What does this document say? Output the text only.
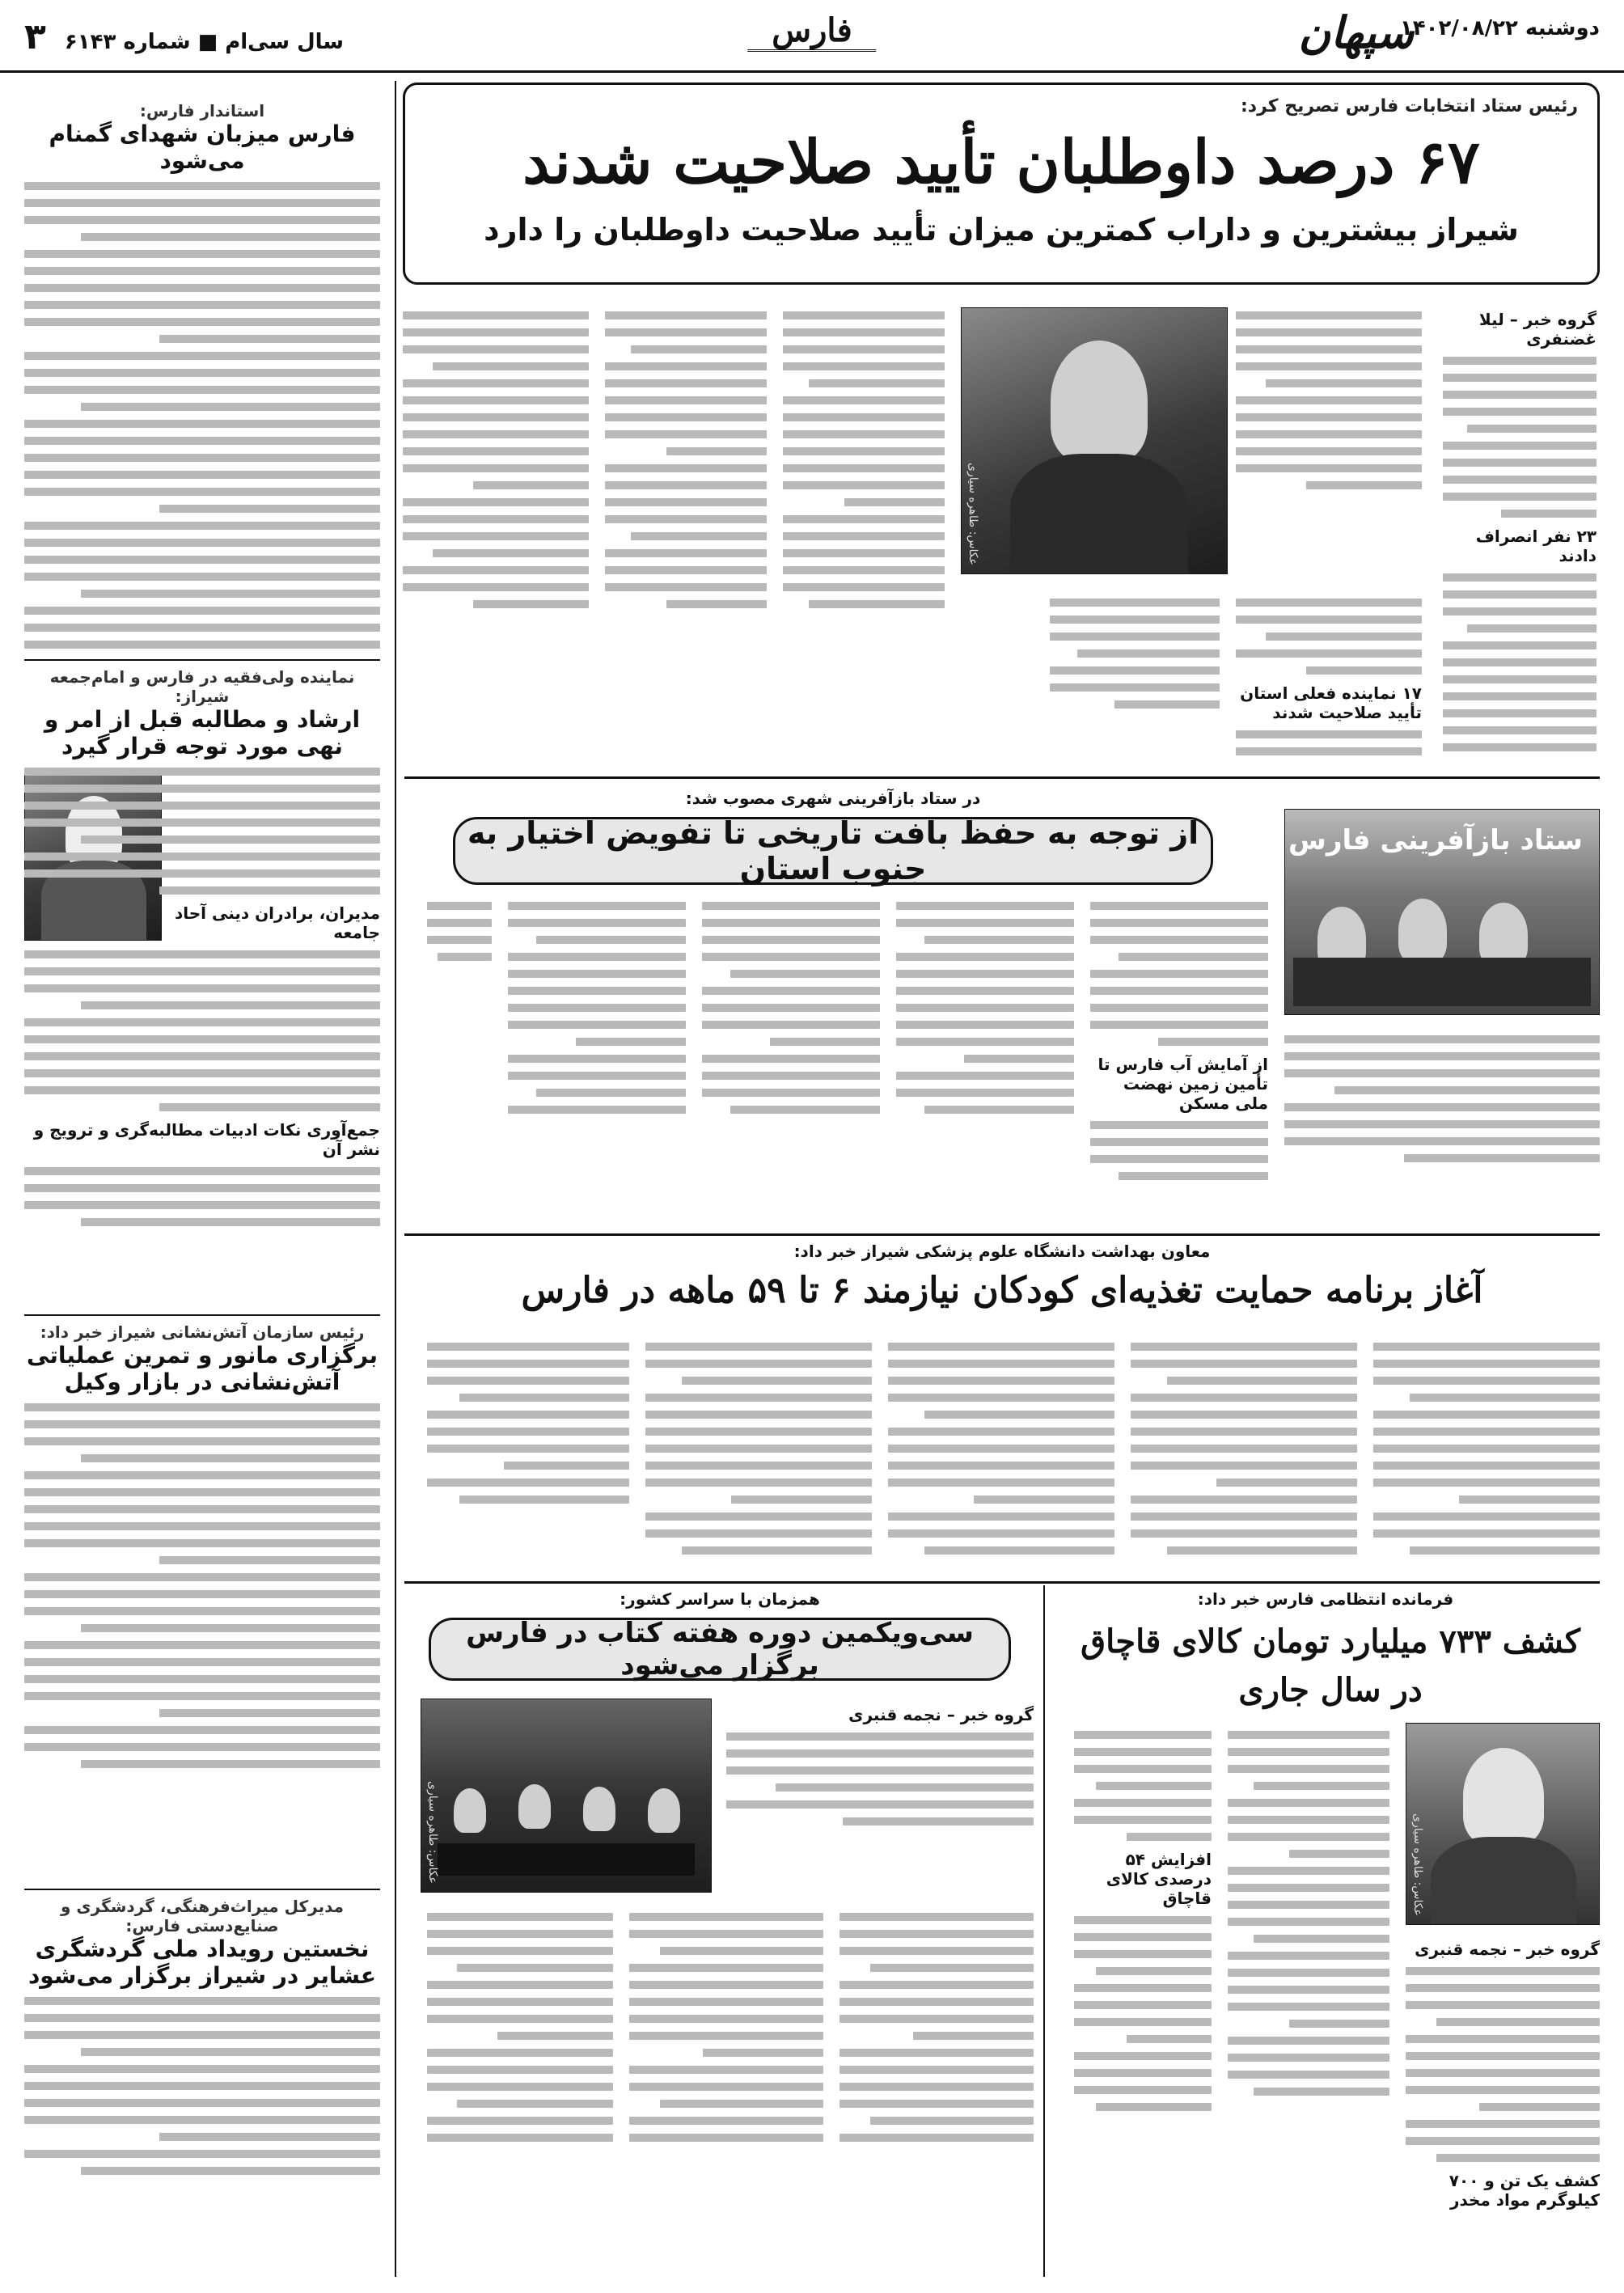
دوشنبه ۱۴۰۲/۰۸/۲۲
سپهان
فارس
سال سی‌ام ■ شماره ۶۱۴۳ ۳
رئیس ستاد انتخابات فارس تصریح کرد:
۶۷ درصد داوطلبان تأیید صلاحیت شدند
شیراز بیشترین و داراب کمترین میزان تأیید صلاحیت داوطلبان را دارد
عکاس: طاهره سیاری
گروه خبر – لیلا غضنفری
۲۳ نفر انصراف دادند
۱۷ نماینده فعلی استان تأیید صلاحیت شدند
استاندار فارس:
فارس میزبان شهدای گمنام می‌شود
نماینده ولی‌فقیه در فارس و امام‌جمعه شیراز:
ارشاد و مطالبه قبل از امر و نهی مورد توجه قرار گیرد
مدیران، برادران دینی آحاد جامعه
جمع‌آوری نکات ادبیات مطالبه‌گری و ترویج و نشر آن
رئیس سازمان آتش‌نشانی شیراز خبر داد:
برگزاری مانور و تمرین عملیاتی آتش‌نشانی در بازار وکیل
مدیرکل میراث‌فرهنگی، گردشگری و صنایع‌دستی فارس:
نخستین رویداد ملی گردشگری عشایر در شیراز برگزار می‌شود
در ستاد بازآفرینی شهری مصوب شد:
از توجه به حفظ بافت تاریخی تا تفویض اختیار به جنوب استان
ستاد بازآفرینی فارس
از آمایش آب فارس تا تأمین زمین نهضت ملی مسکن
معاون بهداشت دانشگاه علوم پزشکی شیراز خبر داد:
آغاز برنامه حمایت تغذیه‌ای کودکان نیازمند ۶ تا ۵۹ ماهه در فارس
فرمانده انتظامی فارس خبر داد:
کشف ۷۳۳ میلیارد تومان کالای قاچاق در سال جاری
عکاس: طاهره سیاری
گروه خبر – نجمه قنبری
کشف یک تن و ۷۰۰ کیلوگرم مواد مخدر
افزایش ۵۴ درصدی کالای قاچاق
همزمان با سراسر کشور:
سی‌ویکمین دوره هفته کتاب در فارس برگزار می‌شود
عکاس: طاهره سیاری
گروه خبر – نجمه قنبری
